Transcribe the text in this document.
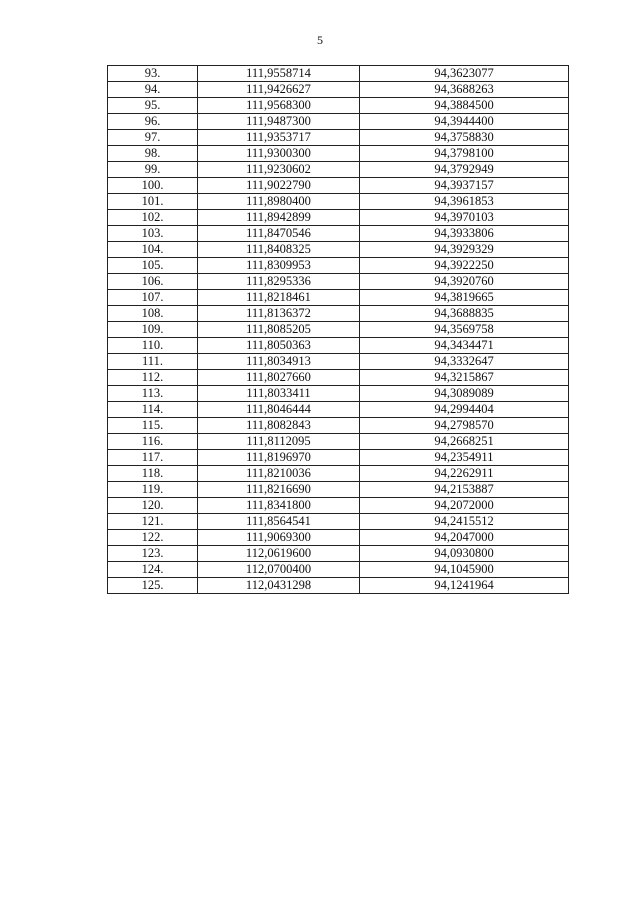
5
93.	111,9558714	94,3623077
94.	111,9426627	94,3688263
95.	111,9568300	94,3884500
96.	111,9487300	94,3944400
97.	111,9353717	94,3758830
98.	111,9300300	94,3798100
99.	111,9230602	94,3792949
100.	111,9022790	94,3937157
101.	111,8980400	94,3961853
102.	111,8942899	94,3970103
103.	111,8470546	94,3933806
104.	111,8408325	94,3929329
105.	111,8309953	94,3922250
106.	111,8295336	94,3920760
107.	111,8218461	94,3819665
108.	111,8136372	94,3688835
109.	111,8085205	94,3569758
110.	111,8050363	94,3434471
111.	111,8034913	94,3332647
112.	111,8027660	94,3215867
113.	111,8033411	94,3089089
114.	111,8046444	94,2994404
115.	111,8082843	94,2798570
116.	111,8112095	94,2668251
117.	111,8196970	94,2354911
118.	111,8210036	94,2262911
119.	111,8216690	94,2153887
120.	111,8341800	94,2072000
121.	111,8564541	94,2415512
122.	111,9069300	94,2047000
123.	112,0619600	94,0930800
124.	112,0700400	94,1045900
125.	112,0431298	94,1241964
